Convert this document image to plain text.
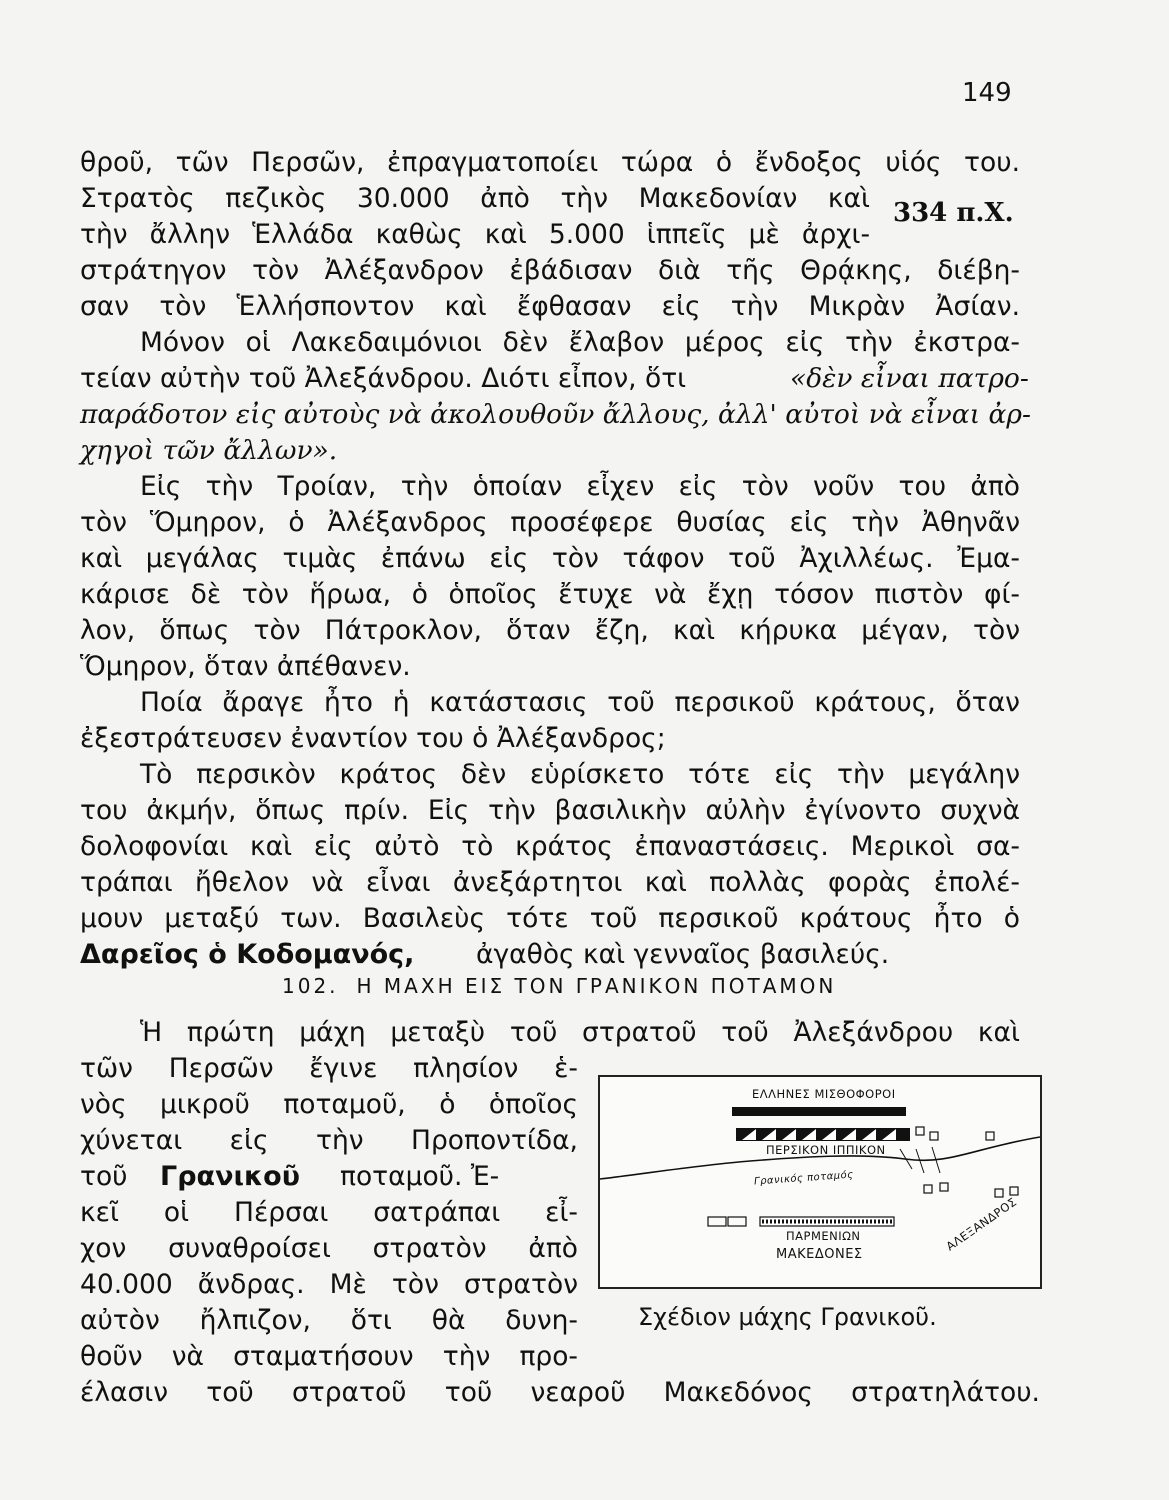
149
334 π.Χ.
θροῦ, τῶν Περσῶν, ἐπραγματοποίει τώρα ὁ ἔνδοξος υἱός του.
Στρατὸς πεζικὸς 30.000 ἀπὸ τὴν Μακεδονίαν καὶ
τὴν ἄλλην Ἑλλάδα καθὼς καὶ 5.000 ἱππεῖς μὲ ἀρχι-
στράτηγον τὸν Ἀλέξανδρον ἐβάδισαν διὰ τῆς Θρᾴκης, διέβη-
σαν τὸν Ἑλλήσποντον καὶ ἔφθασαν εἰς τὴν Μικρὰν Ἀσίαν.
Μόνον οἱ Λακεδαιμόνιοι δὲν ἔλαβον μέρος εἰς τὴν ἐκστρα-
τείαν αὐτὴν τοῦ Ἀλεξάνδρου. Διότι εἶπον, ὅτι	«δὲν εἶναι πατρο-
παράδοτον εἰς αὐτοὺς νὰ ἀκολουθοῦν ἄλλους, ἀλλ' αὐτοὶ νὰ εἶναι ἀρ-
χηγοὶ τῶν ἄλλων».
Εἰς τὴν Τροίαν, τὴν ὁποίαν εἶχεν εἰς τὸν νοῦν του ἀπὸ
τὸν Ὅμηρον, ὁ Ἀλέξανδρος προσέφερε θυσίας εἰς τὴν Ἀθηνᾶν
καὶ μεγάλας τιμὰς ἐπάνω εἰς τὸν τάφον τοῦ Ἀχιλλέως. Ἐμα-
κάρισε δὲ τὸν ἥρωα, ὁ ὁποῖος ἔτυχε νὰ ἔχῃ τόσον πιστὸν φί-
λον, ὅπως τὸν Πάτροκλον, ὅταν ἔζη, καὶ κήρυκα μέγαν, τὸν
Ὅμηρον, ὅταν ἀπέθανεν.
Ποία ἄραγε ἦτο ἡ κατάστασις τοῦ περσικοῦ κράτους, ὅταν
ἐξεστράτευσεν ἐναντίον του ὁ Ἀλέξανδρος;
Τὸ περσικὸν κράτος δὲν εὑρίσκετο τότε εἰς τὴν μεγάλην
του ἀκμήν, ὅπως πρίν. Εἰς τὴν βασιλικὴν αὐλὴν ἐγίνοντο συχνὰ
δολοφονίαι καὶ εἰς αὐτὸ τὸ κράτος ἐπαναστάσεις. Μερικοὶ σα-
τράπαι ἤθελον νὰ εἶναι ἀνεξάρτητοι καὶ πολλὰς φορὰς ἐπολέ-
μουν μεταξύ των. Βασιλεὺς τότε τοῦ περσικοῦ κράτους ἦτο ὁ
Δαρεῖος ὁ Κοδομανός,	ἀγαθὸς καὶ γενναῖος βασιλεύς.
102. Η ΜΑΧΗ ΕΙΣ ΤΟΝ ΓΡΑΝΙΚΟΝ ΠΟΤΑΜΟΝ
Ἡ πρώτη μάχη μεταξὺ τοῦ στρατοῦ τοῦ Ἀλεξάνδρου καὶ
τῶν Περσῶν ἔγινε πλησίον ἑ-
νὸς μικροῦ ποταμοῦ, ὁ ὁποῖος
χύνεται εἰς τὴν Προποντίδα,
τοῦ	Γρανικοῦ	ποταμοῦ. Ἐ-
κεῖ οἱ Πέρσαι σατράπαι εἶ-
χον συναθροίσει στρατὸν ἀπὸ
40.000 ἄνδρας. Μὲ τὸν στρατὸν
αὐτὸν ἤλπιζον, ὅτι θὰ δυνη-
θοῦν νὰ σταματήσουν τὴν προ-
έλασιν τοῦ στρατοῦ τοῦ νεαροῦ Μακεδόνος στρατηλάτου.
ΕΛΛΗΝΕΣ ΜΙΣΘΟΦΟΡΟΙ
ΠΕΡΣΙΚΟΝ ΙΠΠΙΚΟΝ
Γρανικός ποταμός
ΑΛΕΞΑΝΔΡΟΣ
ΠΑΡΜΕΝΙΩΝ
ΜΑΚΕΔΟΝΕΣ
Σχέδιον μάχης Γρανικοῦ.
